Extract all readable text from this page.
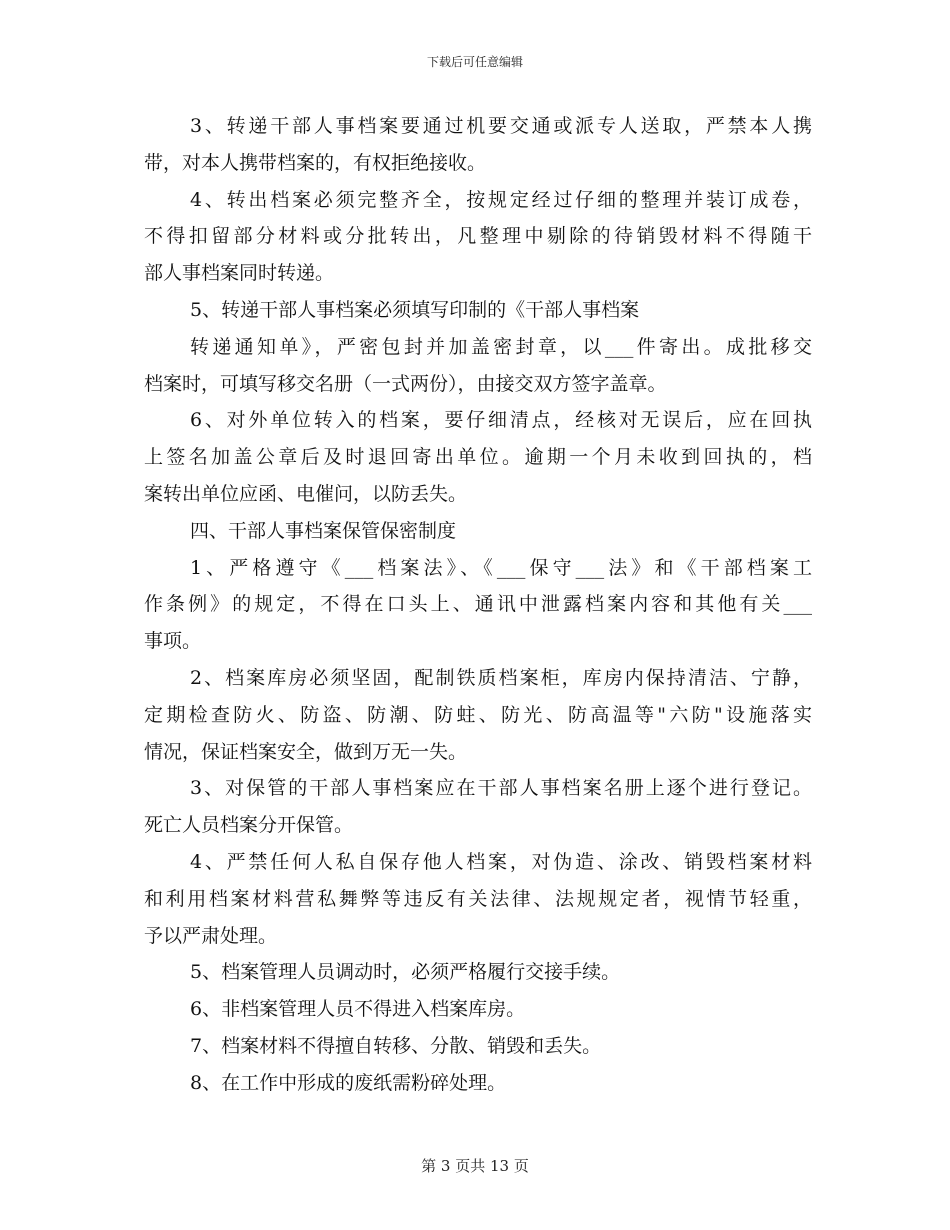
下载后可任意编辑
3、转递干部人事档案要通过机要交通或派专人送取，严禁本人携
带，对本人携带档案的，有权拒绝接收。
4、转出档案必须完整齐全，按规定经过仔细的整理并装订成卷，
不得扣留部分材料或分批转出，凡整理中剔除的待销毁材料不得随干
部人事档案同时转递。
5、转递干部人事档案必须填写印制的《干部人事档案
转递通知单》，严密包封并加盖密封章，以___件寄出。成批移交
档案时，可填写移交名册（一式两份），由接交双方签字盖章。
6、对外单位转入的档案，要仔细清点，经核对无误后，应在回执
上签名加盖公章后及时退回寄出单位。逾期一个月未收到回执的，档
案转出单位应函、电催问，以防丢失。
四、干部人事档案保管保密制度
1、严格遵守《___档案法》、《___保守___法》和《干部档案工
作条例》的规定，不得在口头上、通讯中泄露档案内容和其他有关___
事项。
2、档案库房必须坚固，配制铁质档案柜，库房内保持清洁、宁静，
定期检查防火、防盗、防潮、防蛀、防光、防高温等"六防"设施落实
情况，保证档案安全，做到万无一失。
3、对保管的干部人事档案应在干部人事档案名册上逐个进行登记。
死亡人员档案分开保管。
4、严禁任何人私自保存他人档案，对伪造、涂改、销毁档案材料
和利用档案材料营私舞弊等违反有关法律、法规规定者，视情节轻重，
予以严肃处理。
5、档案管理人员调动时，必须严格履行交接手续。
6、非档案管理人员不得进入档案库房。
7、档案材料不得擅自转移、分散、销毁和丢失。
8、在工作中形成的废纸需粉碎处理。
第 3 页共 13 页
